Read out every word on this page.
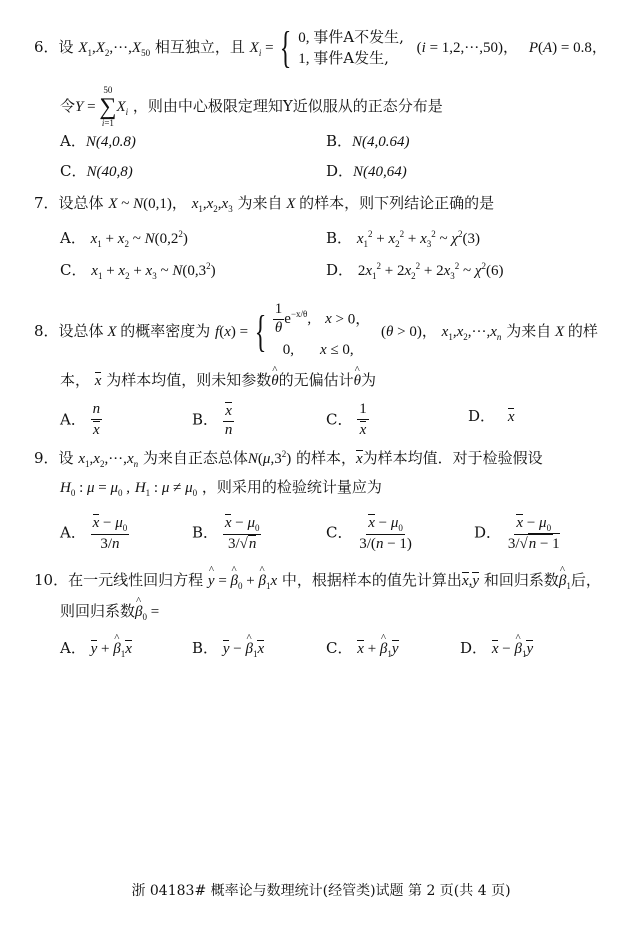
6．设 $X_1,X_2,\cdot\cdot\cdot,X_{50}$ 相互独立，且 $X_i$ = { 0, 事件A不发生,
1, 事件A发生,
(i = 1,2,···,50)， P(A) = 0.8，
令Y =
50
∑
i=1
$X_i$ ，则由中心极限定理知Y近似服从的正态分布是
A．N(4,0.8)	B．N(4,0.64)
C．N(40,8)	D．N(40,64)
7．设总体 X ~ N(0,1)， $x_1,x_2,x_3$ 为来自 X 的样本，则下列结论正确的是
A． $x_1 + x_2$ ~ $N(0,2^2)$	B． $x_1^2 + x_2^2 + x_3^2$ ~ $\chi^2(3)$
C． $x_1 + x_2 + x_3$ ~ $N(0,3^2)$	D． $2x_1^2 + 2x_2^2 + 2x_3^2$ ~ $\chi^2(6)$
8．设总体 X 的概率密度为 f(x) = { $\frac{1}{\theta} e^{-x/\theta}$, x > 0，
0, x ≤ 0,
(θ > 0)， $x_1,x_2,\cdot\cdot\cdot,x_n$ 为来自 X 的样
本， x 为样本均值，则未知参数θ ^的无偏估计θ ^为
A． $\frac{n}{x}$	B． $\frac{x}{n}$	C． $\frac{1}{x}$	D． x
9．设 $x_1,x_2,\cdot\cdot\cdot,x_n$ 为来自正态总体$N(\mu,3^2)$ 的样本，x为样本均值．对于检验假设
$H_0$ : $\mu = \mu_0$ , $H_1$ : $\mu \ne \mu_0$ ，则采用的检验统计量应为
A． $\frac{x - \mu_0}{3/n}$	B． $\frac{x - \mu_0}{3/√n}$	C． $\frac{x - \mu_0}{3/(n - 1)}$	D． $\frac{x - \mu_0}{3/√n - 1}$
10．在一元线性回归方程 y ^ = β $\^{}_0 + \beta$ $\^{}_1x$ 中，根据样本的值先计算出x,y 和回归系数β $\^{}_1$后，
则回归系数β $\^{}_0$ =
A． y + β $\^{}_1x$	B． y − β $\^{}_1x$	C． x + β $\^{}_1y$	D． x − β $\^{}_1y$
浙 04183# 概率论与数理统计(经管类)试题 第 2 页(共 4 页)
